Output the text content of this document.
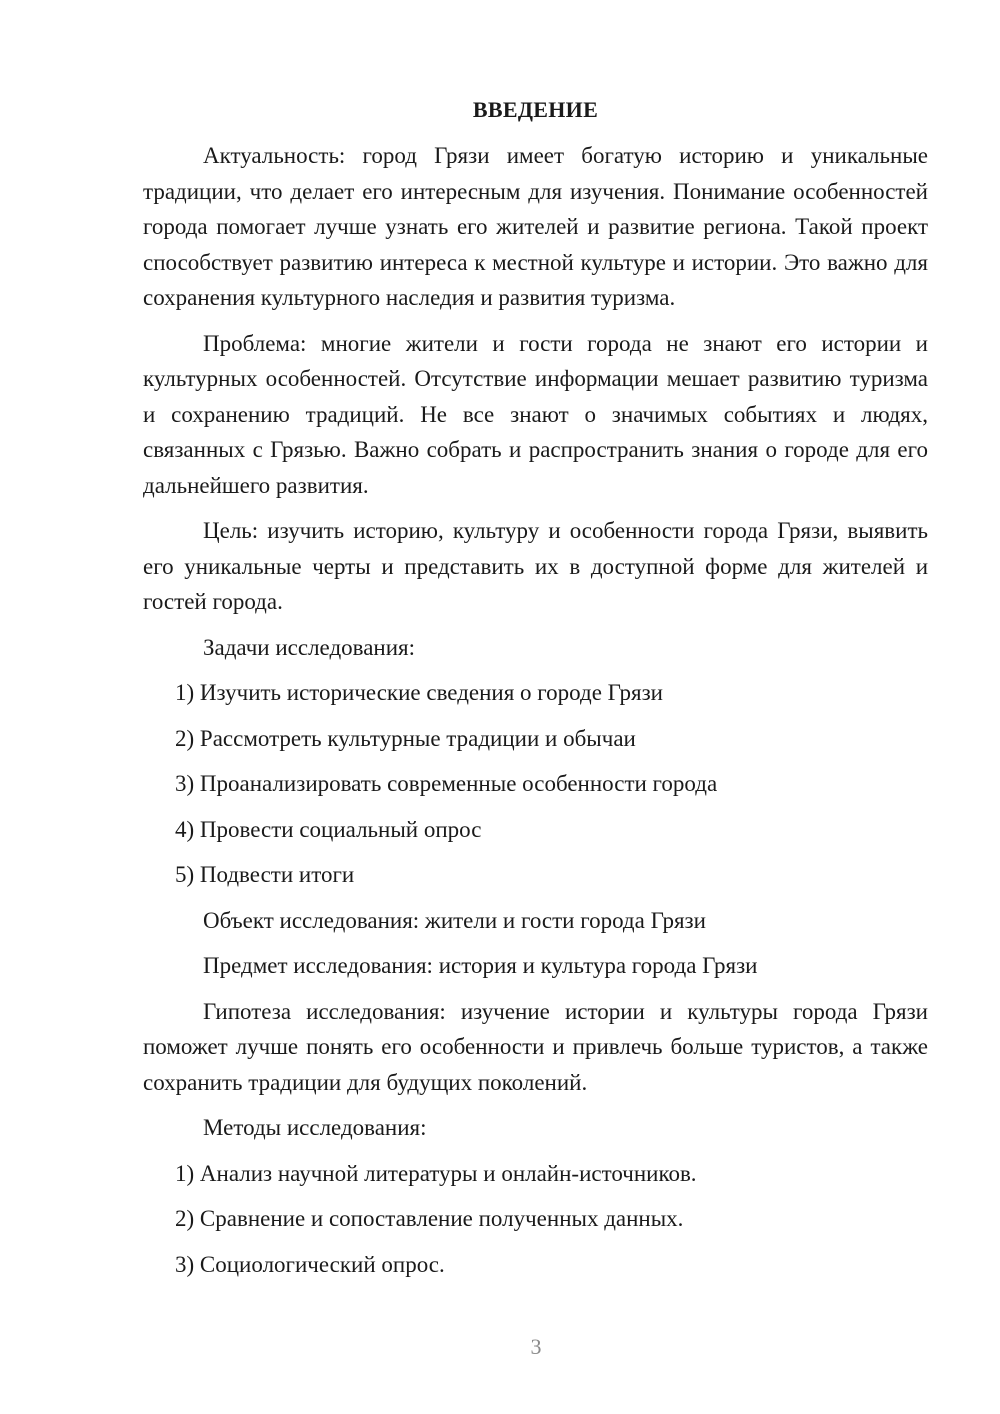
ВВЕДЕНИЕ

Актуальность: город Грязи имеет богатую историю и уникальные традиции, что делает его интересным для изучения. Понимание особенностей города помогает лучше узнать его жителей и развитие региона. Такой проект способствует развитию интереса к местной культуре и истории. Это важно для сохранения культурного наследия и развития туризма.

Проблема: многие жители и гости города не знают его истории и культурных особенностей. Отсутствие информации мешает развитию туризма и сохранению традиций. Не все знают о значимых событиях и людях, связанных с Грязью. Важно собрать и распространить знания о городе для его дальнейшего развития.

Цель: изучить историю, культуру и особенности города Грязи, выявить его уникальные черты и представить их в доступной форме для жителей и гостей города.

Задачи исследования:
1) Изучить исторические сведения о городе Грязи
2) Рассмотреть культурные традиции и обычаи
3) Проанализировать современные особенности города
4) Провести социальный опрос
5) Подвести итоги
Объект исследования: жители и гости города Грязи
Предмет исследования: история и культура города Грязи

Гипотеза исследования: изучение истории и культуры города Грязи поможет лучше понять его особенности и привлечь больше туристов, а также сохранить традиции для будущих поколений.

Методы исследования:
1) Анализ научной литературы и онлайн-источников.
2) Сравнение и сопоставление полученных данных.
3) Социологический опрос.
3
